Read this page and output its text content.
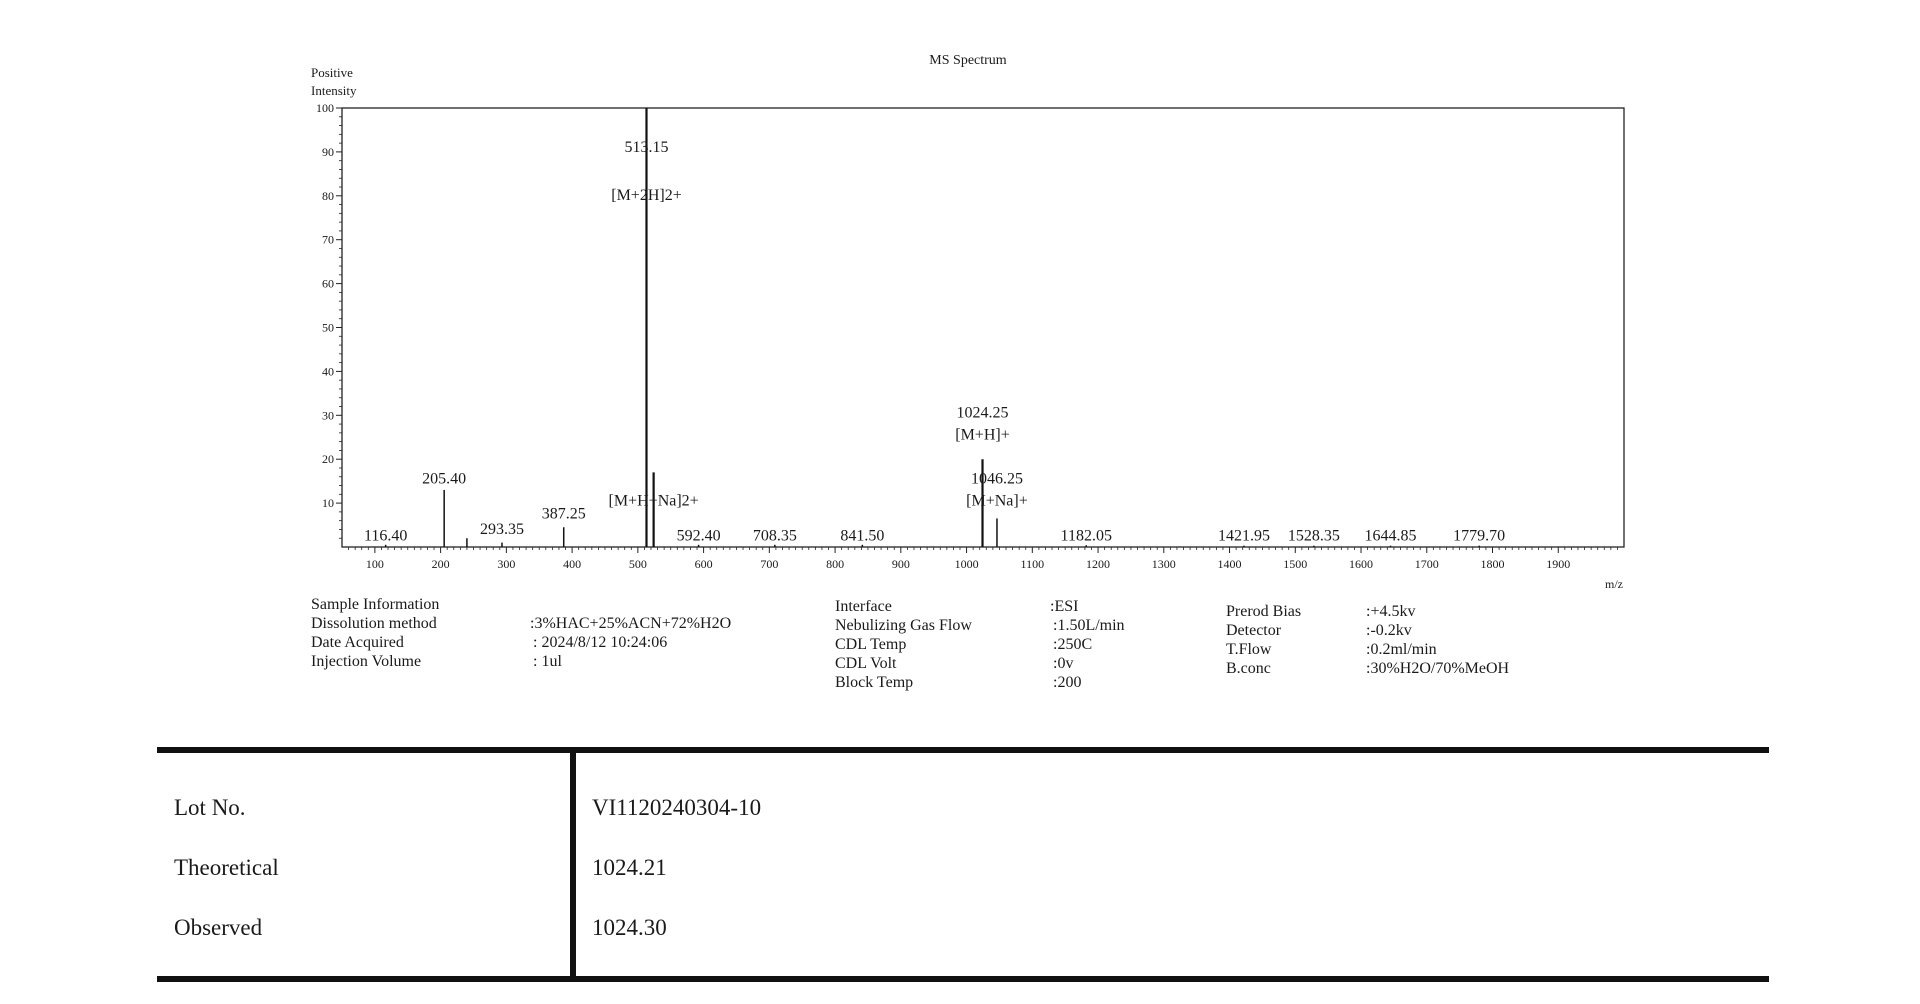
MS Spectrum
Positive
Intensity
m/z
10
20
30
40
50
60
70
80
90
100
100	200	300	400	500	600	700	800	900	1000	1100	1200	1300	1400	1500	1600	1700	1800	1900
116.40
205.40
293.35
387.25
513.15
[M+2H]2+
[M+H+Na]2+
592.40 708.35	841.50
1024.25
[M+H]+
1046.25
[M+Na]+
1182.05	1421.95 1528.35 1644.85 1779.70
Sample Information
Dissolution method	:3%HAC+25%ACN+72%H2O
Date Acquired	: 2024/8/12 10:24:06
Injection Volume	: 1ul
Interface	:ESI
Nebulizing Gas Flow	:1.50L/min
CDL Temp	:250C
CDL Volt	:0v
Block Temp	:200
Prerod Bias	:+4.5kv
Detector	:-0.2kv
T.Flow	:0.2ml/min
B.conc	:30%H2O/70%MeOH
Lot No.	VI1120240304-10
Theoretical	1024.21
Observed	1024.30
